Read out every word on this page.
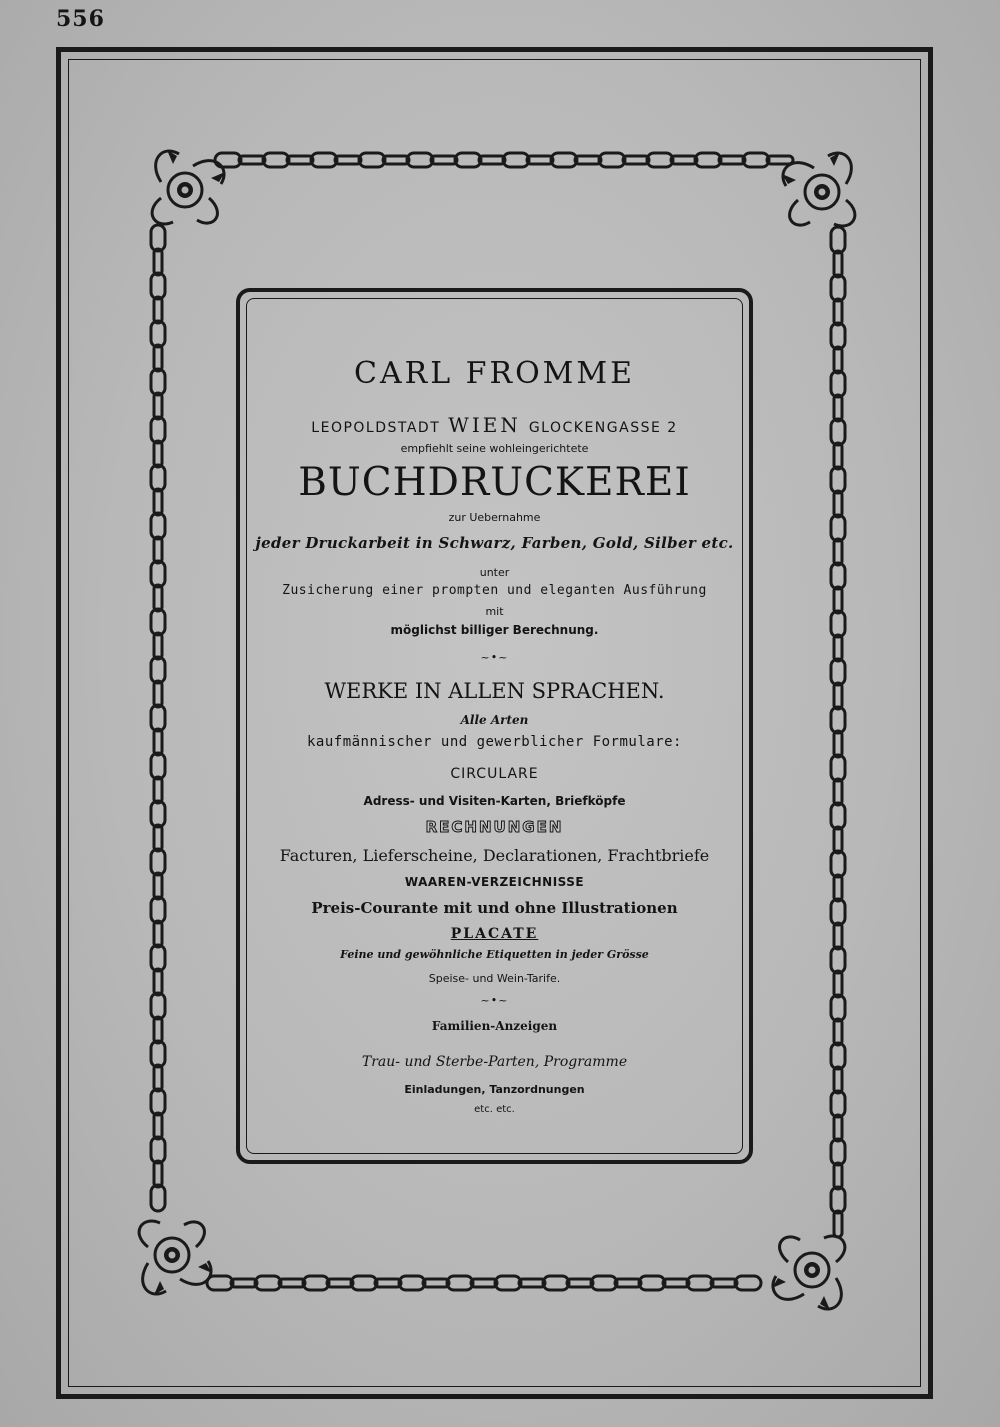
556
CARL FROMME
LEOPOLDSTADT WIEN GLOCKENGASSE 2
empfiehlt seine wohleingerichtete
BUCHDRUCKEREI
zur Uebernahme
jeder Druckarbeit in Schwarz, Farben, Gold, Silber etc.
unter
Zusicherung einer prompten und eleganten Ausführung
mit
möglichst billiger Berechnung.
~•~
WERKE IN ALLEN SPRACHEN.
Alle Arten
kaufmännischer und gewerblicher Formulare:
CIRCULARE
Adress- und Visiten-Karten, Briefköpfe
RECHNUNGEN
Facturen, Lieferscheine, Declarationen, Frachtbriefe
WAAREN-VERZEICHNISSE
Preis-Courante mit und ohne Illustrationen
PLACATE
Feine und gewöhnliche Etiquetten in jeder Grösse
Speise- und Wein-Tarife.
~•~
Familien-Anzeigen
Trau- und Sterbe-Parten, Programme
Einladungen, Tanzordnungen
etc. etc.
